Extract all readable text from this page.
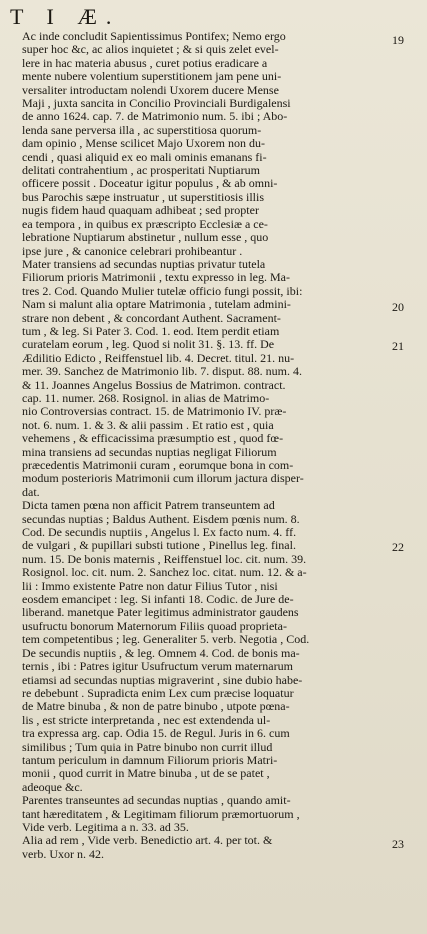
T I Æ.

Ac inde concludit Sapientissimus Pontifex; Nemo ergo
super hoc &c, ac alios inquietet ; & si quis zelet evel-
lere in hac materia abusus , curet potius eradicare a
mente nubere volentium superstitionem jam pene uni-
versaliter introductam nolendi Uxorem ducere Mense
Maji , juxta sancita in Concilio Provinciali Burdigalensi
de anno 1624. cap. 7. de Matrimonio num. 5. ibi ; Abo-
lenda sane perversa illa , ac superstitiosa quorum-
dam opinio , Mense scilicet Majo Uxorem non du-
cendi , quasi aliquid ex eo mali ominis emanans fi-
delitati contrahentium , ac prosperitati Nuptiarum
officere possit . Doceatur igitur populus , & ab omni-
bus Parochis sæpe instruatur , ut superstitiosis illis
nugis fidem haud quaquam adhibeat ; sed propter
ea tempora , in quibus ex præscripto Ecclesiæ a ce-
lebratione Nuptiarum abstinetur , nullum esse , quo
ipse jure , & canonice celebrari prohibeantur .

Mater transiens ad secundas nuptias privatur tutela
Filiorum prioris Matrimonii , textu expresso in leg. Ma-
tres 2. Cod. Quando Mulier tutelæ officio fungi possit, ibi:
Nam si malunt alia optare Matrimonia , tutelam admini-
strare non debent , & concordant Authent. Sacrament-
tum , & leg. Si Pater 3. Cod. 1. eod. Item perdit etiam
curatelam eorum , leg. Quod si nolit 31. §. 13. ff. De
Ædilitio Edicto , Reiffenstuel lib. 4. Decret. titul. 21. nu-
mer. 39. Sanchez de Matrimonio lib. 7. disput. 88. num. 4.
& 11. Joannes Angelus Bossius de Matrimon. contract.
cap. 11. numer. 268. Rosignol. in alias de Matrimo-
nio Controversias contract. 15. de Matrimonio IV. præ-
not. 6. num. 1. & 3. & alii passim . Et ratio est , quia
vehemens , & efficacissima præsumptio est , quod fœ-
mina transiens ad secundas nuptias negligat Filiorum
præcedentis Matrimonii curam , eorumque bona in com-
modum posterioris Matrimonii cum illorum jactura disper-
dat.

Dicta tamen pœna non afficit Patrem transeuntem ad
secundas nuptias ; Baldus Authent. Eisdem pœnis num. 8.
Cod. De secundis nuptiis , Angelus l. Ex facto num. 4. ff.
de vulgari , & pupillari substi tutione , Pinellus leg. final.
num. 15. De bonis maternis , Reiffenstuel loc. cit. num. 39.
Rosignol. loc. cit. num. 2. Sanchez loc. citat. num. 12. & a-
lii : Immo existente Patre non datur Filius Tutor , nisi
eosdem emancipet : leg. Si infanti 18. Codic. de Jure de-
liberand. manetque Pater legitimus administrator gaudens
usufructu bonorum Maternorum Filiis quoad proprieta-
tem competentibus ; leg. Generaliter 5. verb. Negotia , Cod.
De secundis nuptiis , & leg. Omnem 4. Cod. de bonis ma-
ternis , ibi : Patres igitur Usufructum verum maternarum
etiamsi ad secundas nuptias migraverint , sine dubio habe-
re debebunt . Supradicta enim Lex cum præcise loquatur
de Matre binuba , & non de patre binubo , utpote pœna-
lis , est stricte interpretanda , nec est extendenda ul-
tra expressa arg. cap. Odia 15. de Regul. Juris in 6. cum
similibus ; Tum quia in Patre binubo non currit illud
tantum periculum in damnum Filiorum prioris Matri-
monii , quod currit in Matre binuba , ut de se patet ,
adeoque &c.

Parentes transeuntes ad secundas nuptias , quando amit-
tant hæreditatem , & Legitimam filiorum præmortuorum ,
Vide verb. Legitima a n. 33. ad 35.

Alia ad rem , Vide verb. Benedictio art. 4. per tot. &
verb. Uxor n. 42.

19
20
21
22
23
